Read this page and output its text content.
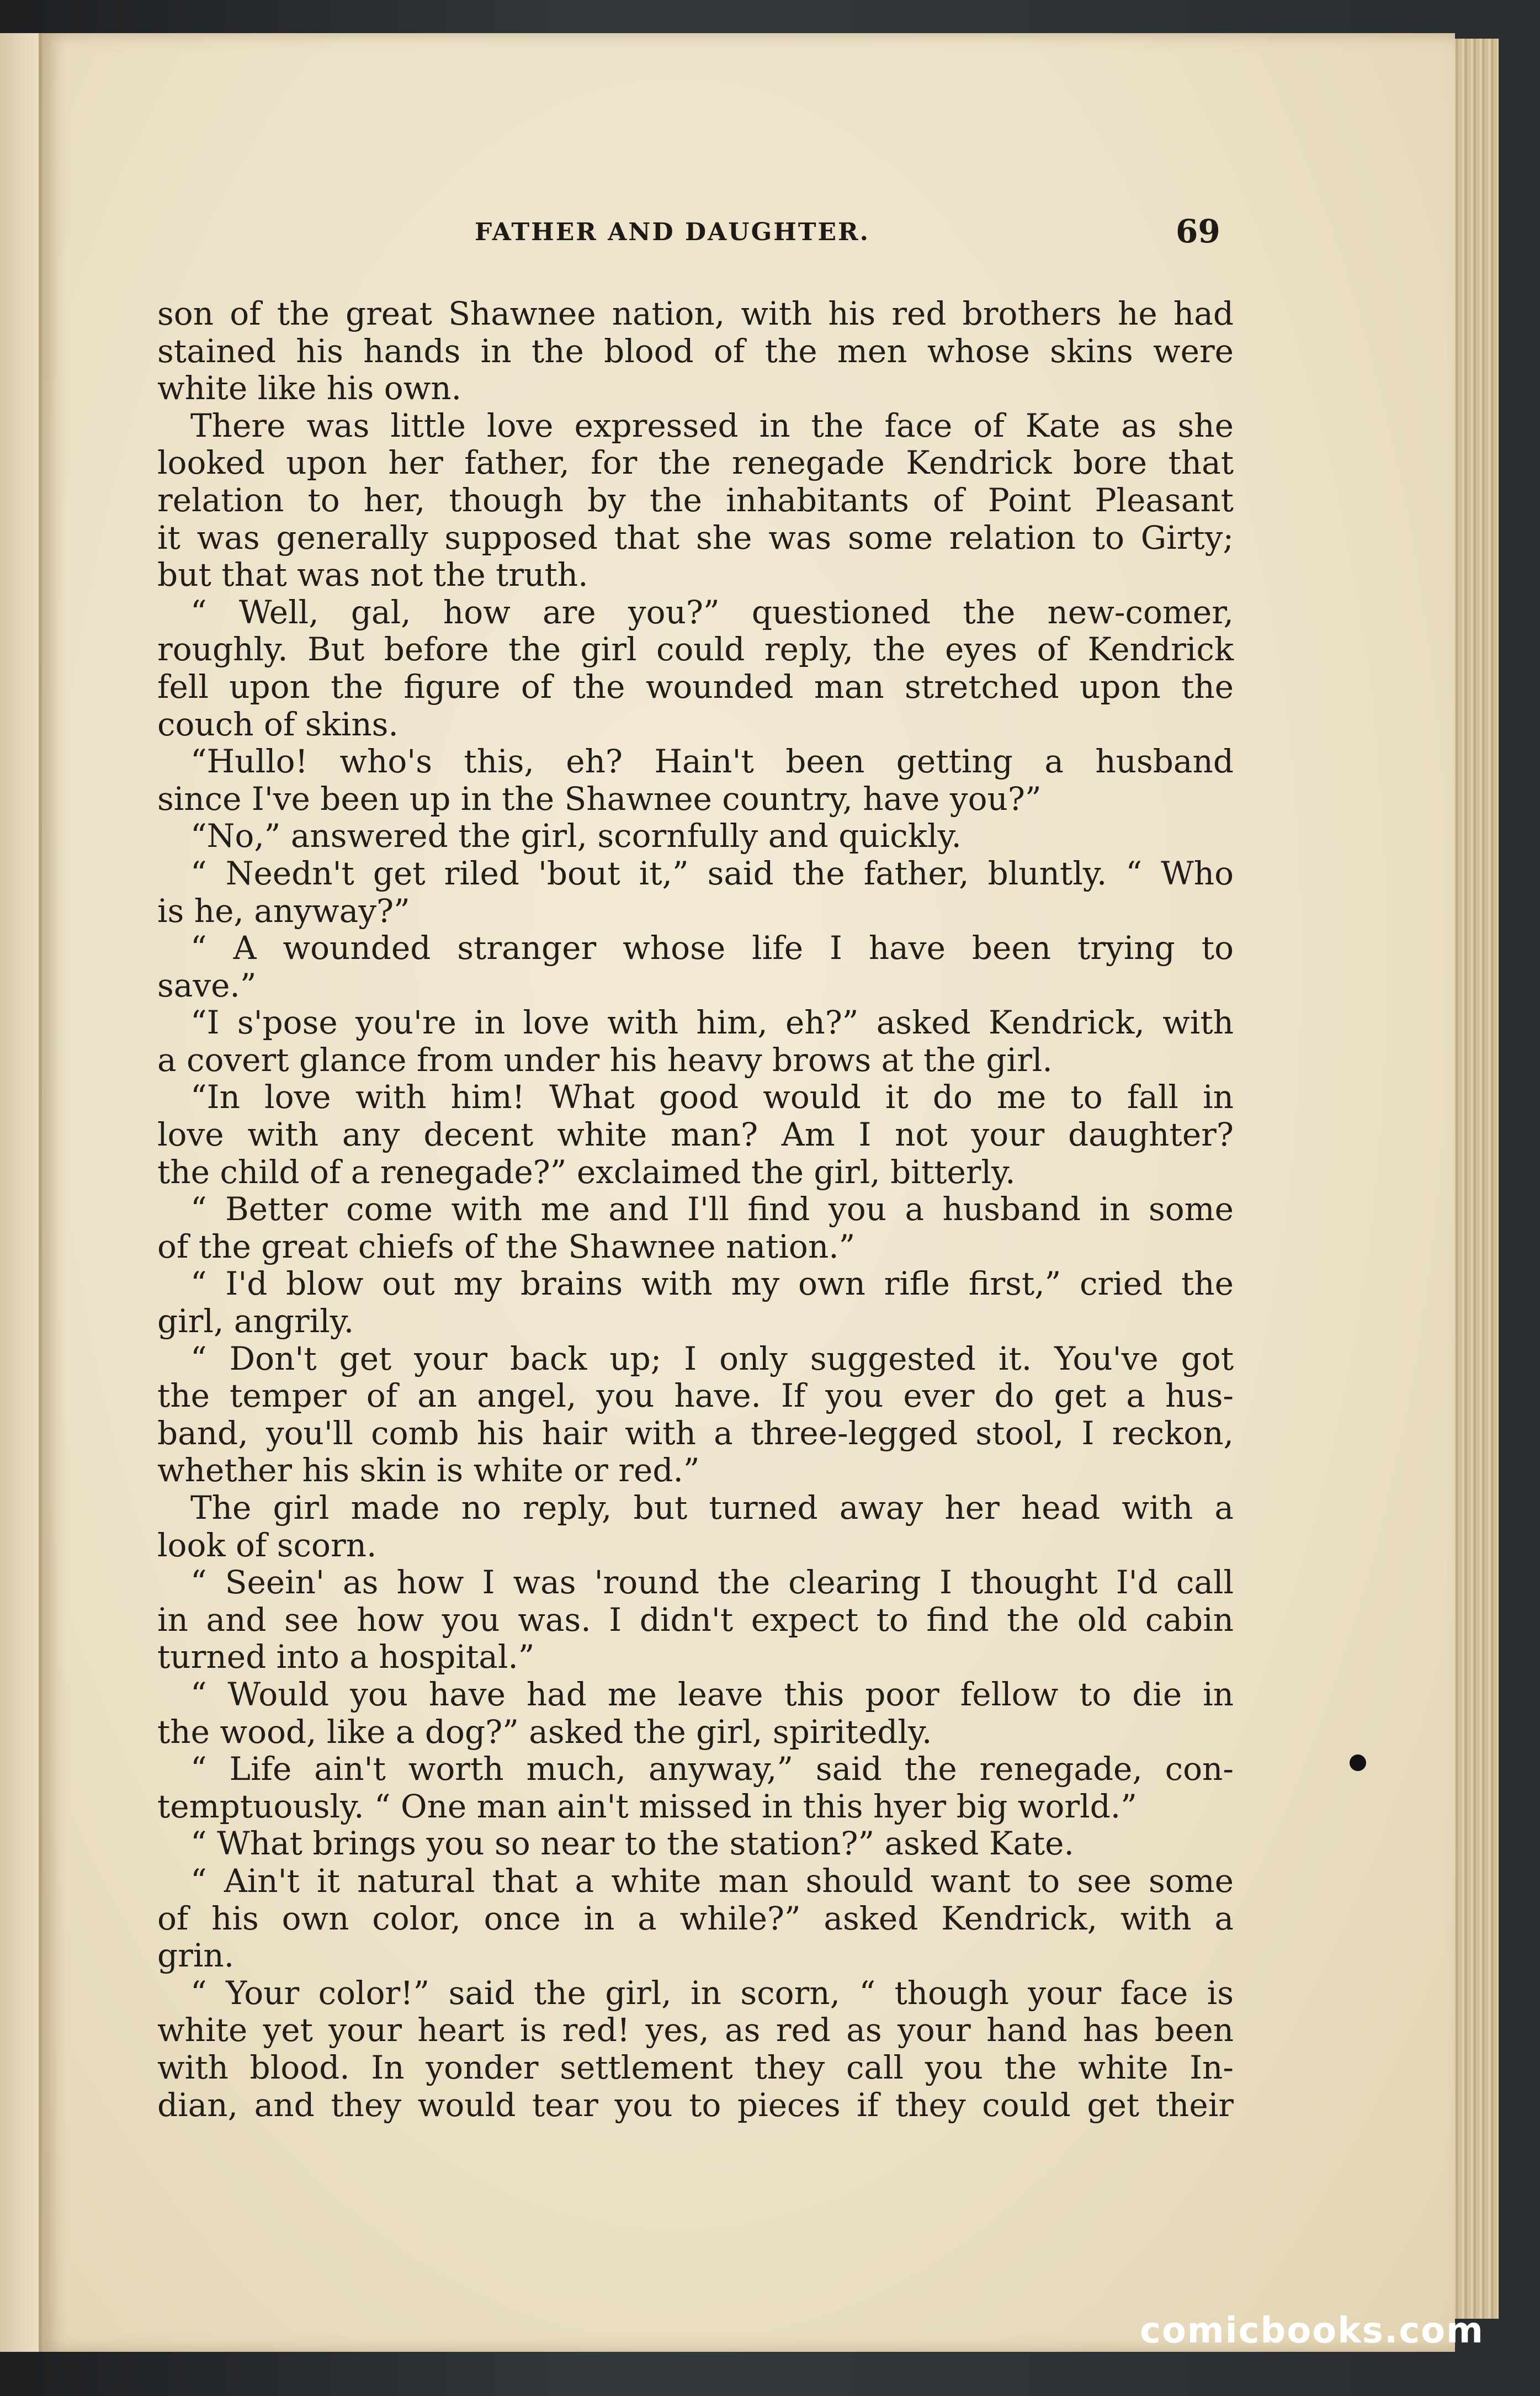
FATHER AND DAUGHTER.	69
son of the great Shawnee nation, with his red brothers he had
stained his hands in the blood of the men whose skins were
white like his own.
There was little love expressed in the face of Kate as she
looked upon her father, for the renegade Kendrick bore that
relation to her, though by the inhabitants of Point Pleasant
it was generally supposed that she was some relation to Girty;
but that was not the truth.
“ Well, gal, how are you?” questioned the new-comer,
roughly. But before the girl could reply, the eyes of Kendrick
fell upon the figure of the wounded man stretched upon the
couch of skins.
“Hullo! who's this, eh? Hain't been getting a husband
since I've been up in the Shawnee country, have you?”
“No,” answered the girl, scornfully and quickly.
“ Needn't get riled 'bout it,” said the father, bluntly. “ Who
is he, anyway?”
“ A wounded stranger whose life I have been trying to
save.”
“I s'pose you're in love with him, eh?” asked Kendrick, with
a covert glance from under his heavy brows at the girl.
“In love with him! What good would it do me to fall in
love with any decent white man? Am I not your daughter?
the child of a renegade?” exclaimed the girl, bitterly.
“ Better come with me and I'll find you a husband in some
of the great chiefs of the Shawnee nation.”
“ I'd blow out my brains with my own rifle first,” cried the
girl, angrily.
“ Don't get your back up; I only suggested it. You've got
the temper of an angel, you have. If you ever do get a hus-
band, you'll comb his hair with a three-legged stool, I reckon,
whether his skin is white or red.”
The girl made no reply, but turned away her head with a
look of scorn.
“ Seein' as how I was 'round the clearing I thought I'd call
in and see how you was. I didn't expect to find the old cabin
turned into a hospital.”
“ Would you have had me leave this poor fellow to die in
the wood, like a dog?” asked the girl, spiritedly.
“ Life ain't worth much, anyway,” said the renegade, con-
temptuously. “ One man ain't missed in this hyer big world.”
“ What brings you so near to the station?” asked Kate.
“ Ain't it natural that a white man should want to see some
of his own color, once in a while?” asked Kendrick, with a
grin.
“ Your color!” said the girl, in scorn, “ though your face is
white yet your heart is red! yes, as red as your hand has been
with blood. In yonder settlement they call you the white In-
dian, and they would tear you to pieces if they could get their
comicbooks.com
